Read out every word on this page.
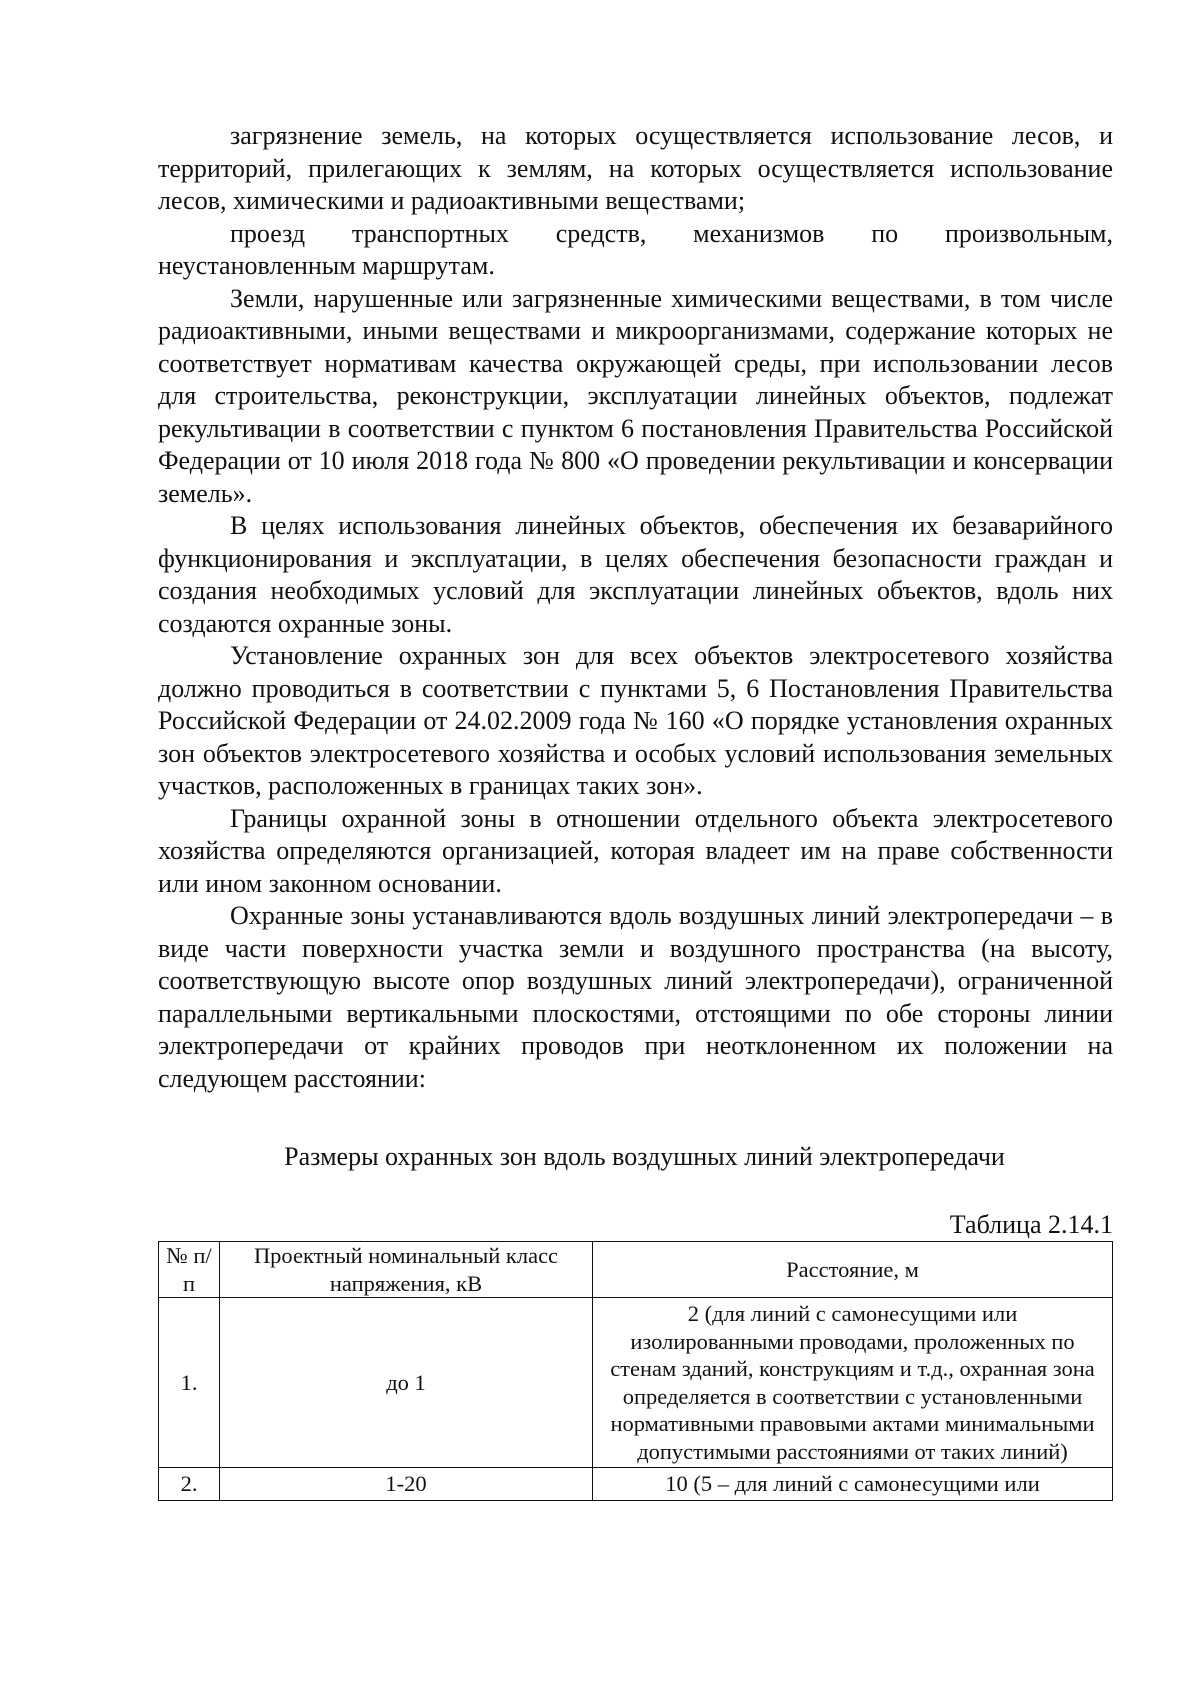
загрязнение земель, на которых осуществляется использование лесов, и территорий, прилегающих к землям, на которых осуществляется использование лесов, химическими и радиоактивными веществами;

проезд транспортных средств, механизмов по произвольным, неустановленным маршрутам.

Земли, нарушенные или загрязненные химическими веществами, в том числе радиоактивными, иными веществами и микроорганизмами, содержание которых не соответствует нормативам качества окружающей среды, при использовании лесов для строительства, реконструкции, эксплуатации линейных объектов, подлежат рекультивации в соответствии с пунктом 6 постановления Правительства Российской Федерации от 10 июля 2018 года № 800 «О проведении рекультивации и консервации земель».

В целях использования линейных объектов, обеспечения их безаварийного функционирования и эксплуатации, в целях обеспечения безопасности граждан и создания необходимых условий для эксплуатации линейных объектов, вдоль них создаются охранные зоны.

Установление охранных зон для всех объектов электросетевого хозяйства должно проводиться в соответствии с пунктами 5, 6 Постановления Правительства Российской Федерации от 24.02.2009 года № 160 «О порядке установления охранных зон объектов электросетевого хозяйства и особых условий использования земельных участков, расположенных в границах таких зон».

Границы охранной зоны в отношении отдельного объекта электросетевого хозяйства определяются организацией, которая владеет им на праве собственности или ином законном основании.

Охранные зоны устанавливаются вдоль воздушных линий электропередачи – в виде части поверхности участка земли и воздушного пространства (на высоту, соответствующую высоте опор воздушных линий электропередачи), ограниченной параллельными вертикальными плоскостями, отстоящими по обе стороны линии электропередачи от крайних проводов при неотклоненном их положении на следующем расстоянии:

Размеры охранных зон вдоль воздушных линий электропередачи

Таблица 2.14.1

№ п/п	Проектный номинальный класс напряжения, кВ	Расстояние, м
1.	до 1	2 (для линий с самонесущими или изолированными проводами, проложенных по стенам зданий, конструкциям и т.д., охранная зона определяется в соответствии с установленными нормативными правовыми актами минимальными допустимыми расстояниями от таких линий)

2.	1-20	10 (5 – для линий с самонесущими или
